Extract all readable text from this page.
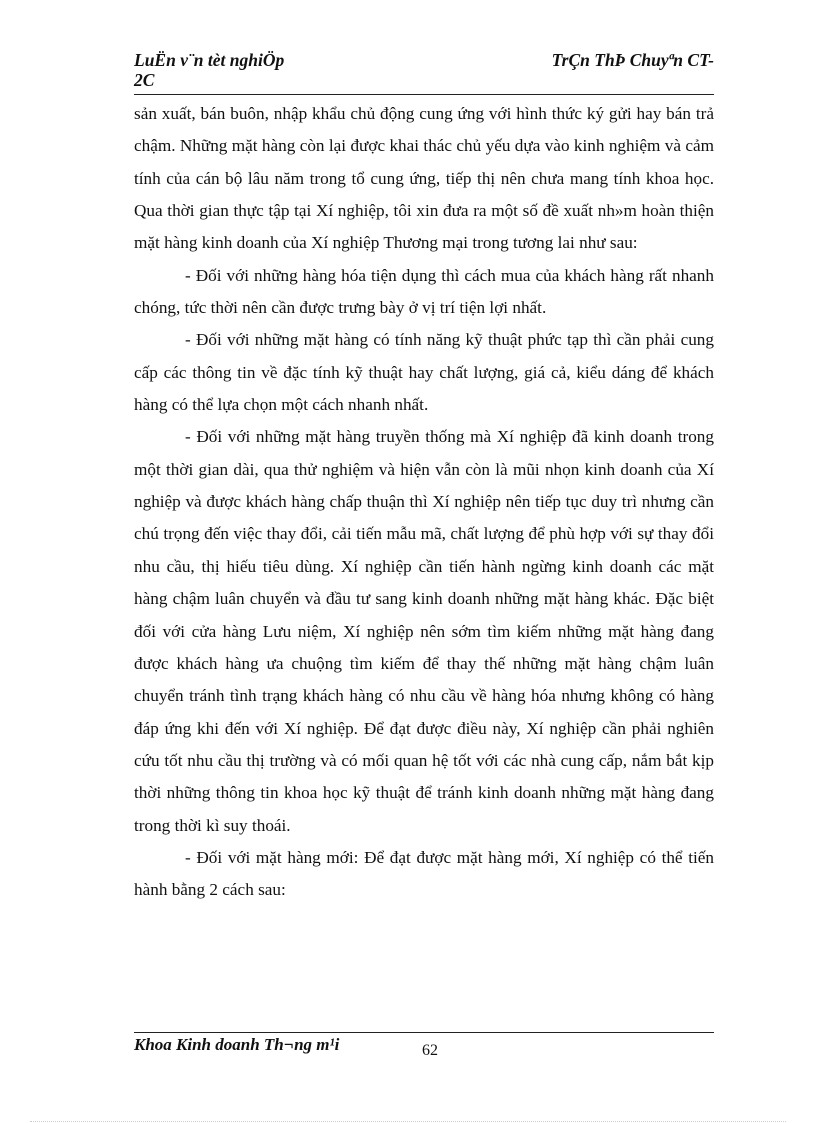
LuËn v¨n tèt nghiÖp	TrÇn ThÞ Chuyªn CT-
2C

sản xuất, bán buôn, nhập khẩu chủ động cung ứng với hình thức ký gửi hay bán trả chậm. Những mặt hàng còn lại được khai thác chủ yếu dựa vào kinh nghiệm và cảm tính của cán bộ lâu năm trong tổ cung ứng, tiếp thị nên chưa mang tính khoa học. Qua thời gian thực tập tại Xí nghiệp, tôi xin đưa ra một số đề xuất nh»m hoàn thiện mặt hàng kinh doanh của Xí nghiệp Thương mại trong tương lai như sau:

- Đối với những hàng hóa tiện dụng thì cách mua của khách hàng rất nhanh chóng, tức thời nên cần được trưng bày ở vị trí tiện lợi nhất.

- Đối với những mặt hàng có tính năng kỹ thuật phức tạp thì cần phải cung cấp các thông tin về đặc tính kỹ thuật hay chất lượng, giá cả, kiểu dáng để khách hàng có thể lựa chọn một cách nhanh nhất.

- Đối với những mặt hàng truyền thống mà Xí nghiệp đã kinh doanh trong một thời gian dài, qua thử nghiệm và hiện vẫn còn là mũi nhọn kinh doanh của Xí nghiệp và được khách hàng chấp thuận thì Xí nghiệp nên tiếp tục duy trì nhưng cần chú trọng đến việc thay đổi, cải tiến mẫu mã, chất lượng để phù hợp với sự thay đổi nhu cầu, thị hiếu tiêu dùng. Xí nghiệp cần tiến hành ngừng kinh doanh các mặt hàng chậm luân chuyển và đầu tư sang kinh doanh những mặt hàng khác. Đặc biệt đối với cửa hàng Lưu niệm, Xí nghiệp nên sớm tìm kiếm những mặt hàng đang được khách hàng ưa chuộng tìm kiếm để thay thế những mặt hàng chậm luân chuyển tránh tình trạng khách hàng có nhu cầu về hàng hóa nhưng không có hàng đáp ứng khi đến với Xí nghiệp. Để đạt được điều này, Xí nghiệp cần phải nghiên cứu tốt nhu cầu thị trường và có mối quan hệ tốt với các nhà cung cấp, nắm bắt kịp thời những thông tin khoa học kỹ thuật để tránh kinh doanh những mặt hàng đang trong thời kì suy thoái.

- Đối với mặt hàng mới: Để đạt được mặt hàng mới, Xí nghiệp có thể tiến hành bằng 2 cách sau:

Khoa Kinh doanh Th¬ng m¹i	62
